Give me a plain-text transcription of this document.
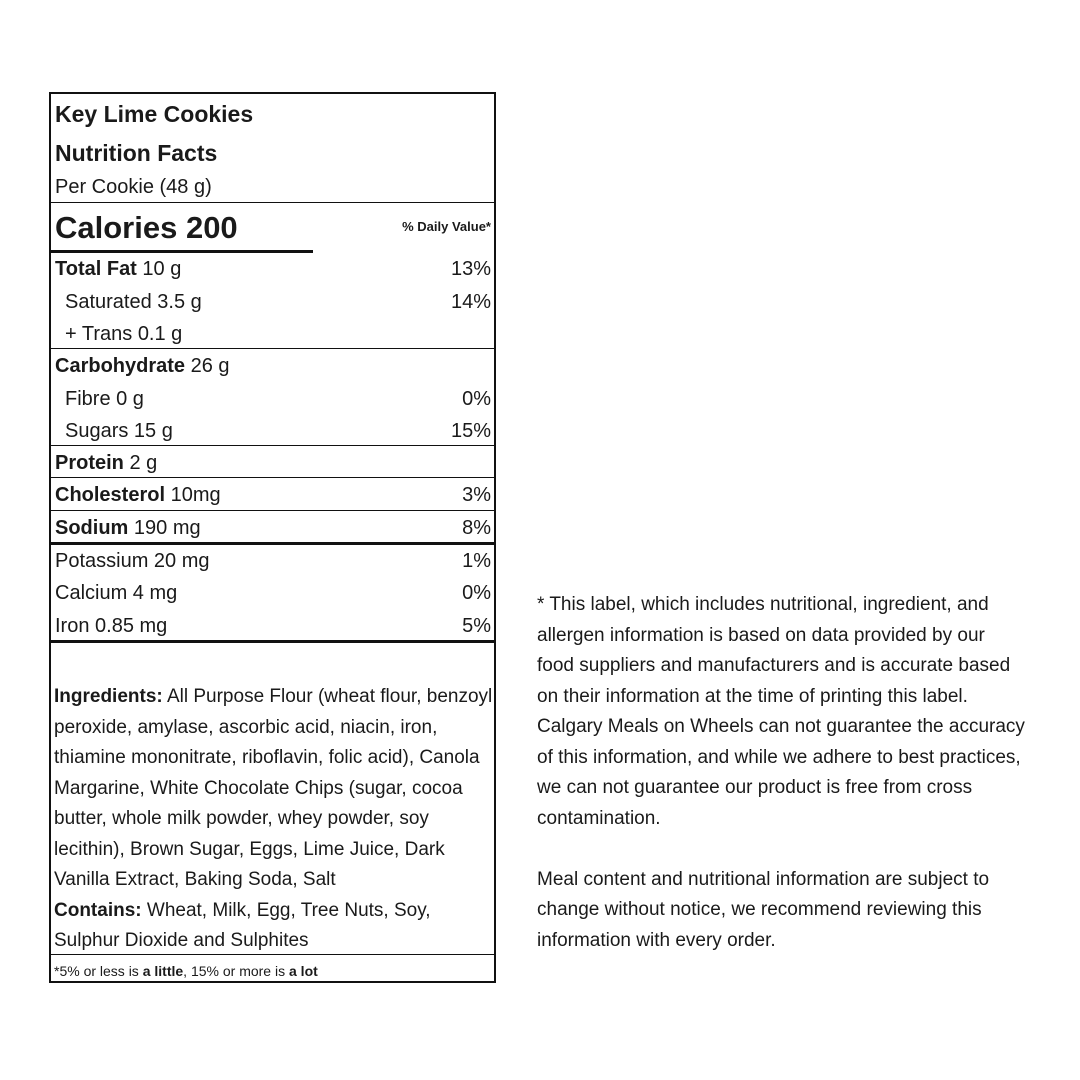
Key Lime Cookies
Nutrition Facts
Per Cookie (48 g)
Calories 200	% Daily Value*
Total Fat 10 g	13%
Saturated 3.5 g	14%
+ Trans 0.1 g
Carbohydrate 26 g
Fibre 0 g	0%
Sugars 15 g	15%
Protein 2 g
Cholesterol 10mg	3%
Sodium 190 mg	8%
Potassium 20 mg	1%
Calcium 4 mg	0%
Iron 0.85 mg	5%
Ingredients: All Purpose Flour (wheat flour, benzoyl peroxide, amylase, ascorbic acid, niacin, iron, thiamine mononitrate, riboflavin, folic acid), Canola Margarine, White Chocolate Chips (sugar, cocoa butter, whole milk powder, whey powder, soy lecithin), Brown Sugar, Eggs, Lime Juice, Dark Vanilla Extract, Baking Soda, Salt
Contains: Wheat, Milk, Egg, Tree Nuts, Soy, Sulphur Dioxide and Sulphites
*5% or less is a little, 15% or more is a lot

* This label, which includes nutritional, ingredient, and allergen information is based on data provided by our food suppliers and manufacturers and is accurate based on their information at the time of printing this label. Calgary Meals on Wheels can not guarantee the accuracy of this information, and while we adhere to best practices, we can not guarantee our product is free from cross contamination.

Meal content and nutritional information are subject to change without notice, we recommend reviewing this information with every order.
